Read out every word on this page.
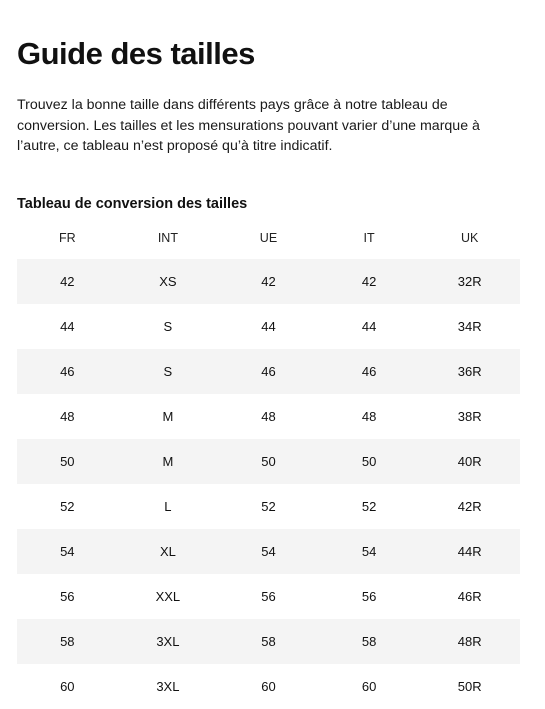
Guide des tailles

Trouvez la bonne taille dans différents pays grâce à notre tableau de conversion. Les tailles et les mensurations pouvant varier d’une marque à l’autre, ce tableau n’est proposé qu’à titre indicatif.

Tableau de conversion des tailles
FR	INT	UE	IT	UK
42	XS	42	42	32R
44	S	44	44	34R
46	S	46	46	36R
48	M	48	48	38R
50	M	50	50	40R
52	L	52	52	42R
54	XL	54	54	44R
56	XXL	56	56	46R
58	3XL	58	58	48R
60	3XL	60	60	50R
